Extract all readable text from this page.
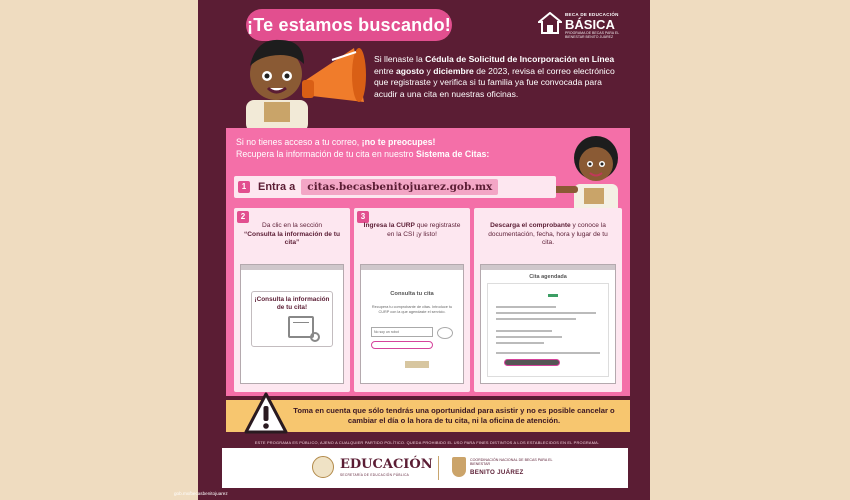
¡Te estamos buscando!
BECA DE EDUCACIÓN
BÁSICA
PROGRAMA DE BECAS PARA EL BIENESTAR BENITO JUÁREZ
Si llenaste la Cédula de Solicitud de Incorporación en Línea entre agosto y diciembre de 2023, revisa el correo electrónico que registraste y verifica si tu familia ya fue convocada para acudir a una cita en nuestras oficinas.
Si no tienes acceso a tu correo, ¡no te preocupes!
Recupera la información de tu cita en nuestro Sistema de Citas:
1	Entra a	citas.becasbenitojuarez.gob.mx
2
Da clic en la sección
“Consulta la información de tu cita”
¡Consulta la información de tu cita!
3
Ingresa la CURP que registraste en la CSI ¡y listo!
Consulta tu cita
Recupera tu comprobante de citas. Introduce tu CURP con la que agendaste el servicio.
No soy un robot
Descarga el comprobante y conoce la documentación, fecha, hora y lugar de tu cita.
Cita agendada
Toma en cuenta que sólo tendrás una oportunidad para asistir y no es posible cancelar o cambiar el día o la hora de tu cita, ni la oficina de atención.
ESTE PROGRAMA ES PÚBLICO, AJENO A CUALQUIER PARTIDO POLÍTICO. QUEDA PROHIBIDO EL USO PARA FINES DISTINTOS A LOS ESTABLECIDOS EN EL PROGRAMA.
EDUCACIÓN
SECRETARÍA DE EDUCACIÓN PÚBLICA
COORDINACIÓN NACIONAL DE BECAS PARA EL BIENESTAR
BENITO JUÁREZ
gob.mx/becasbenitojuarez
